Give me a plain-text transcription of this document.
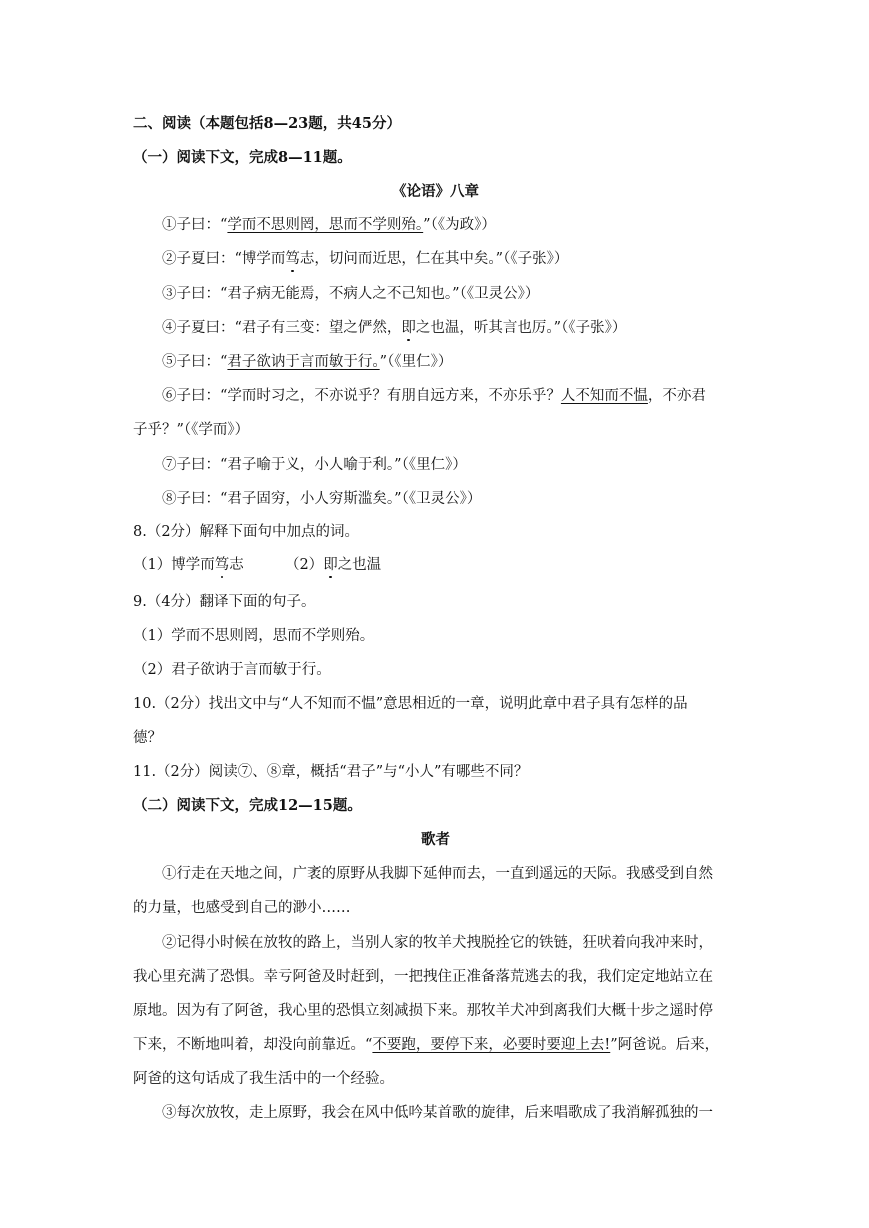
二、阅读（本题包括8—23题，共45分）
（一）阅读下文，完成8—11题。
《论语》八章
①子曰：“学而不思则罔，思而不学则殆。”（《为政》）
②子夏曰：“博学而笃志，切问而近思，仁在其中矣。”（《子张》）
③子曰：“君子病无能焉，不病人之不己知也。”（《卫灵公》）
④子夏曰：“君子有三变：望之俨然，即之也温，听其言也厉。”（《子张》）
⑤子曰：“君子欲讷于言而敏于行。”（《里仁》）
⑥子曰：“学而时习之，不亦说乎？有朋自远方来，不亦乐乎？人不知而不愠，不亦君
子乎？”（《学而》）
⑦子曰：“君子喻于义，小人喻于利。”（《里仁》）
⑧子曰：“君子固穷，小人穷斯滥矣。”（《卫灵公》）
8.（2分）解释下面句中加点的词。
（1）博学而笃志	（2）即之也温
9.（4分）翻译下面的句子。
（1）学而不思则罔，思而不学则殆。
（2）君子欲讷于言而敏于行。
10.（2分）找出文中与“人不知而不愠”意思相近的一章，说明此章中君子具有怎样的品
德？
11.（2分）阅读⑦、⑧章，概括“君子”与“小人”有哪些不同？
（二）阅读下文，完成12—15题。
歌者
①行走在天地之间，广袤的原野从我脚下延伸而去，一直到遥远的天际。我感受到自然
的力量，也感受到自己的渺小……
②记得小时候在放牧的路上，当别人家的牧羊犬拽脱拴它的铁链，狂吠着向我冲来时，
我心里充满了恐惧。幸亏阿爸及时赶到，一把拽住正准备落荒逃去的我，我们定定地站立在
原地。因为有了阿爸，我心里的恐惧立刻减损下来。那牧羊犬冲到离我们大概十步之遥时停
下来，不断地叫着，却没向前靠近。“不要跑，要停下来，必要时要迎上去!”阿爸说。后来，
阿爸的这句话成了我生活中的一个经验。
③每次放牧，走上原野，我会在风中低吟某首歌的旋律，后来唱歌成了我消解孤独的一
